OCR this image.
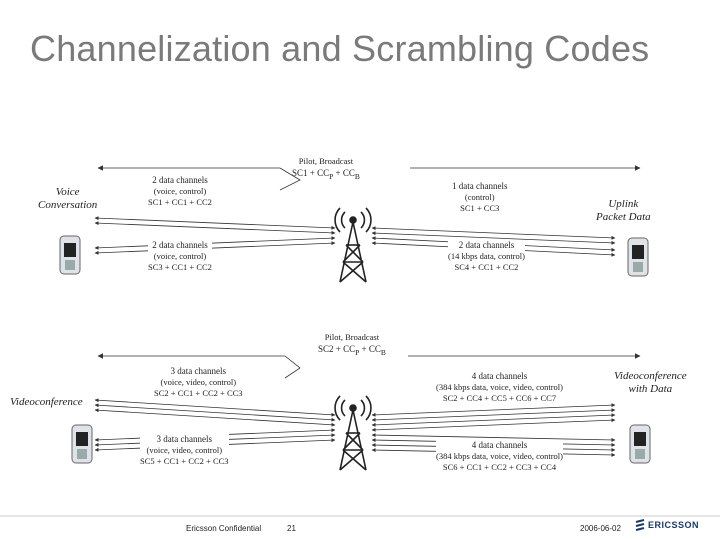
Channelization and Scrambling Codes
Voice
Conversation	Uplink
Packet Data
Pilot, Broadcast
$SC1 + CC_P + CC_B$
2 data channels
(voice, control)
SC1 + CC1 + CC2
2 data channels
(voice, control)
SC3 + CC1 + CC2
1 data channels
(control)
SC1 + CC3
2 data channels
(14 kbps data, control)
SC4 + CC1 + CC2
Videoconference
Videoconference
with Data
Pilot, Broadcast
$SC2 + CC_P + CC_B$
3 data channels
(voice, video, control)
SC2 + CC1 + CC2 + CC3
3 data channels
(voice, video, control)
SC5 + CC1 + CC2 + CC3
4 data channels
(384 kbps data, voice, video, control)
SC2 + CC4 + CC5 + CC6 + CC7
4 data channels
(384 kbps data, voice, video, control)
SC6 + CC1 + CC2 + CC3 + CC4
Ericsson Confidential	21	2006-06-02	ERICSSON
